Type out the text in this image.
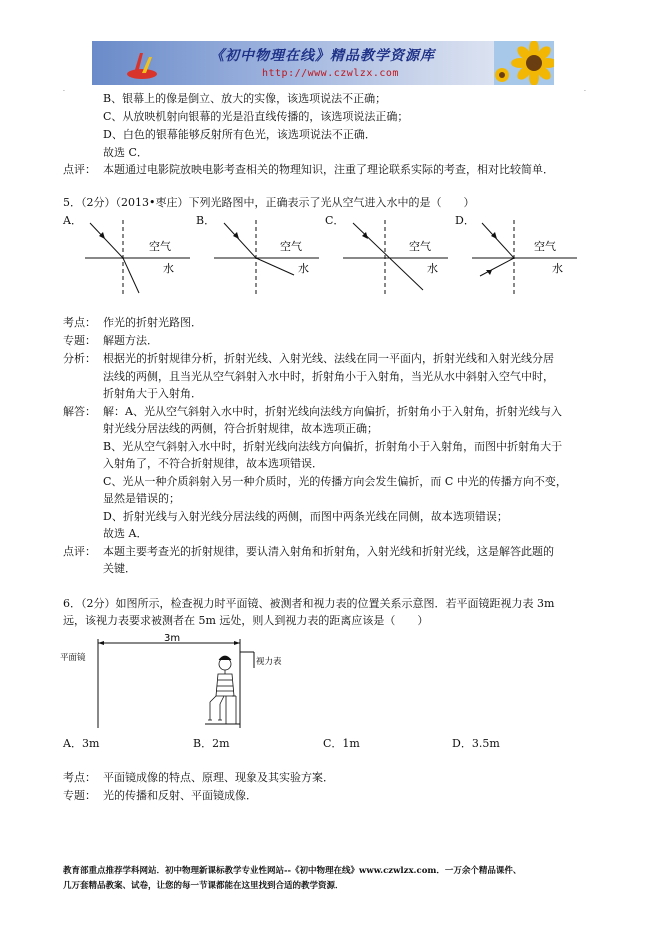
《初中物理在线》精品教学资源库
http://www.czwlzx.com
.	.
B、银幕上的像是倒立、放大的实像，该选项说法不正确；
C、从放映机射向银幕的光是沿直线传播的，该选项说法正确；
D、白色的银幕能够反射所有色光，该选项说法不正确．
故选 C．
点评： 本题通过电影院放映电影考查相关的物理知识，注重了理论联系实际的考查，相对比较简单．
5．（2分）（2013•枣庄）下列光路图中，正确表示了光从空气进入水中的是（　　）
A．	B．	C．	D．
空气
水
空气
水
空气
水
空气
水
考点： 作光的折射光路图．
专题： 解题方法．
分析： 根据光的折射规律分析，折射光线、入射光线、法线在同一平面内，折射光线和入射光线分居
法线的两侧，且当光从空气斜射入水中时，折射角小于入射角，当光从水中斜射入空气中时，
折射角大于入射角．
解答： 解：A、光从空气斜射入水中时，折射光线向法线方向偏折，折射角小于入射角，折射光线与入
射光线分居法线的两侧，符合折射规律，故本选项正确；
B、光从空气斜射入水中时，折射光线向法线方向偏折，折射角小于入射角，而图中折射角大于
入射角了，不符合折射规律，故本选项错误．
C、光从一种介质斜射入另一种介质时，光的传播方向会发生偏折，而 C 中光的传播方向不变，
显然是错误的；
D、折射光线与入射光线分居法线的两侧，而图中两条光线在同侧，故本选项错误；
故选 A．
点评： 本题主要考查光的折射规律，要认清入射角和折射角，入射光线和折射光线，这是解答此题的
关键．
6．（2分）如图所示，检查视力时平面镜、被测者和视力表的位置关系示意图．若平面镜距视力表 3m
远，该视力表要求被测者在 5m 远处，则人到视力表的距离应该是（　　）
3m
平面镜	视力表
A．3m	B．2m	C．1m	D．3.5m
考点： 平面镜成像的特点、原理、现象及其实验方案．
专题： 光的传播和反射、平面镜成像．
教育部重点推荐学科网站．初中物理新课标教学专业性网站--《初中物理在线》www.czwlzx.com．一万余个精品课件、
几万套精品教案、试卷，让您的每一节课都能在这里找到合适的教学资源．
